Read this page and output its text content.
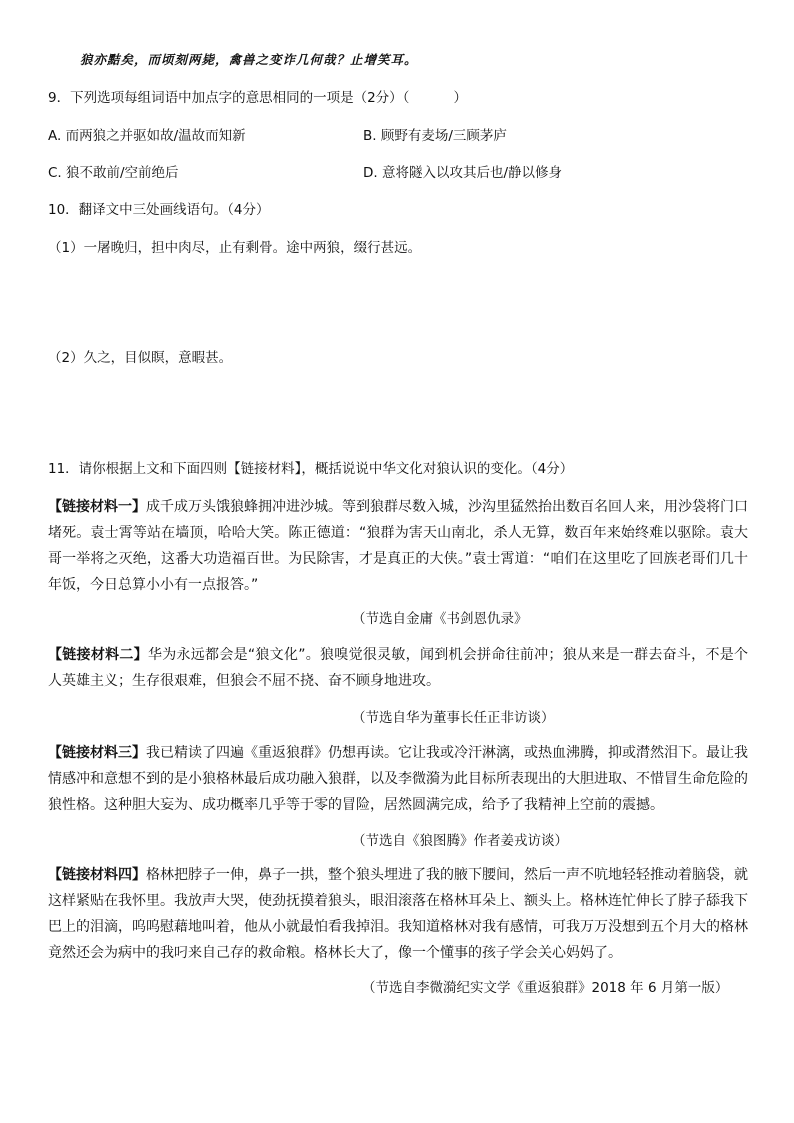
狼亦黠矣，而顷刻两毙，禽兽之变诈几何哉？止增笑耳。
9．下列选项每组词语中加点字的意思相同的一项是（2分）（	）
A. 而两狼之并驱如故/温故而知新	B. 顾野有麦场/三顾茅庐
C. 狼不敢前/空前绝后	D. 意将隧入以攻其后也/静以修身
10．翻译文中三处画线语句。（4分）
（1）一屠晚归，担中肉尽，止有剩骨。途中两狼，缀行甚远。
（2）久之，目似瞑，意暇甚。
11．请你根据上文和下面四则【链接材料】，概括说说中华文化对狼认识的变化。（4分）
【链接材料一】成千成万头饿狼蜂拥冲进沙城。等到狼群尽数入城，沙沟里猛然抬出数百名回人来，用沙袋将门口堵死。袁士霄等站在墙顶，哈哈大笑。陈正德道：“狼群为害天山南北，杀人无算，数百年来始终难以驱除。袁大哥一举将之灭绝，这番大功造福百世。为民除害，才是真正的大侠。”袁士霄道：“咱们在这里吃了回族老哥们几十年饭，今日总算小小有一点报答。”
（节选自金庸《书剑恩仇录》
【链接材料二】华为永远都会是“狼文化”。狼嗅觉很灵敏，闻到机会拼命往前冲；狼从来是一群去奋斗，不是个人英雄主义；生存很艰难，但狼会不屈不挠、奋不顾身地进攻。
（节选自华为董事长任正非访谈）
【链接材料三】我已精读了四遍《重返狼群》仍想再读。它让我或冷汗淋漓，或热血沸腾，抑或潸然泪下。最让我情感冲和意想不到的是小狼格林最后成功融入狼群，以及李微漪为此目标所表现出的大胆进取、不惜冒生命危险的狼性格。这种胆大妄为、成功概率几乎等于零的冒险，居然圆满完成，给予了我精神上空前的震撼。
（节选自《狼图腾》作者姜戎访谈）
【链接材料四】格林把脖子一伸，鼻子一拱，整个狼头埋进了我的腋下腰间，然后一声不吭地轻轻推动着脑袋，就这样紧贴在我怀里。我放声大哭，使劲抚摸着狼头，眼泪滚落在格林耳朵上、额头上。格林连忙伸长了脖子舔我下巴上的泪滴，呜呜慰藉地叫着，他从小就最怕看我掉泪。我知道格林对我有感情，可我万万没想到五个月大的格林竟然还会为病中的我叼来自己存的救命粮。格林长大了，像一个懂事的孩子学会关心妈妈了。
（节选自李微漪纪实文学《重返狼群》2018 年 6 月第一版）
